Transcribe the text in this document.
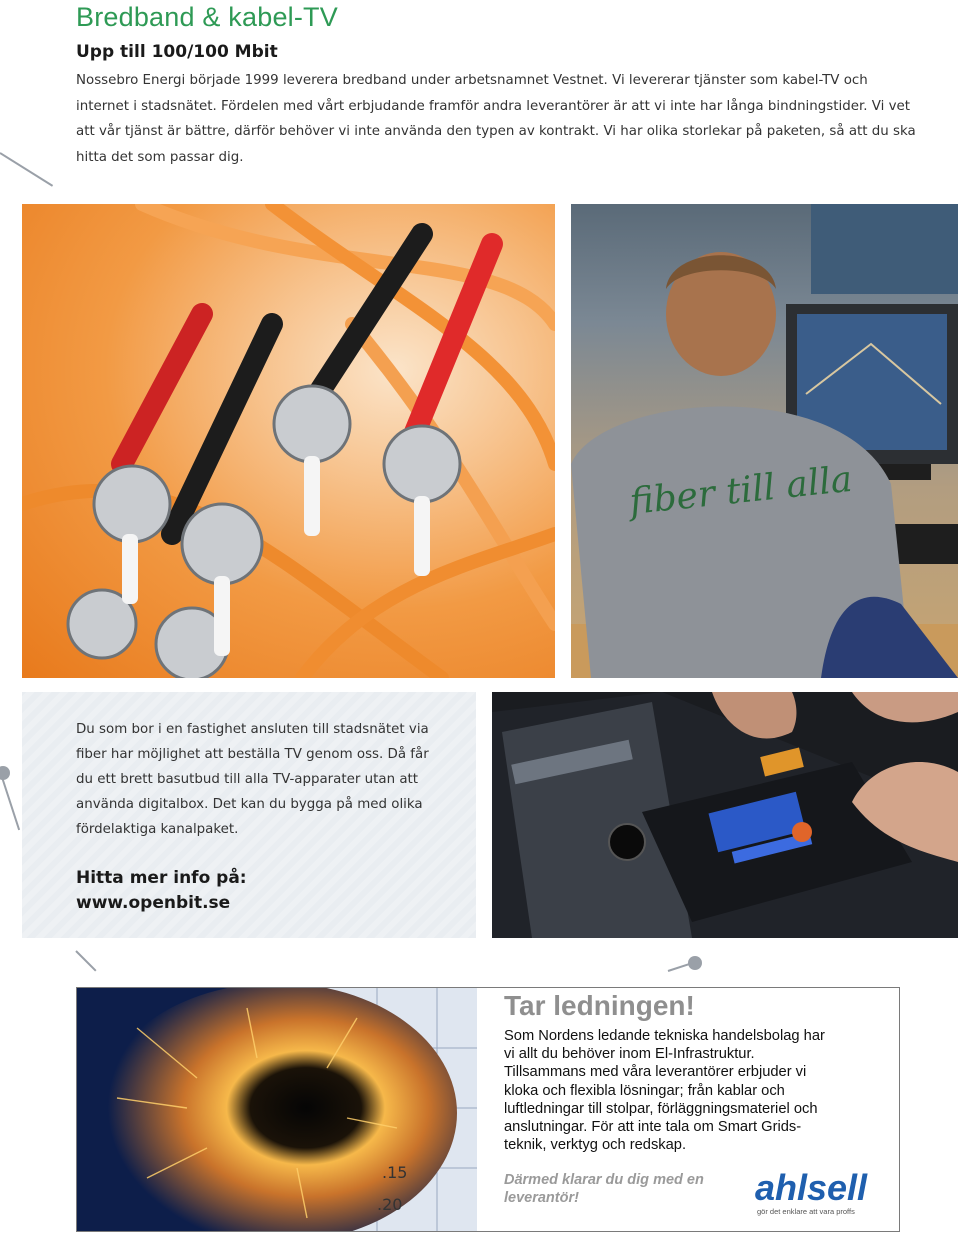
Bredband & kabel-TV
Upp till 100/100 Mbit

Nossebro Energi började 1999 leverera bredband under arbetsnamnet Vestnet. Vi levererar tjänster som kabel-TV och internet i stadsnätet. Fördelen med vårt erbjudande framför andra leverantörer är att vi inte har långa bindningstider. Vi vet att vår tjänst är bättre, därför behöver vi inte använda den typen av kontrakt. Vi har olika storlekar på paketen, så att du ska hitta det som passar dig.

fiber till alla

Du som bor i en fastighet ansluten till stadsnätet via fiber har möjlighet att beställa TV genom oss. Då får du ett brett basutbud till alla TV-apparater utan att använda digitalbox. Det kan du bygga på med olika fördelaktiga kanalpaket.

Hitta mer info på:
www.openbit.se
.15
.20
Tar ledningen!

Som Nordens ledande tekniska handelsbolag har vi allt du behöver inom El-Infrastruktur. Tillsammans med våra leverantörer erbjuder vi kloka och flexibla lösningar; från kablar och luftledningar till stolpar, förläggningsmateriel och anslutningar. För att inte tala om Smart Grids-teknik, verktyg och redskap.

Därmed klarar du dig med en leverantör!	ahlsell
gör det enklare att vara proffs
